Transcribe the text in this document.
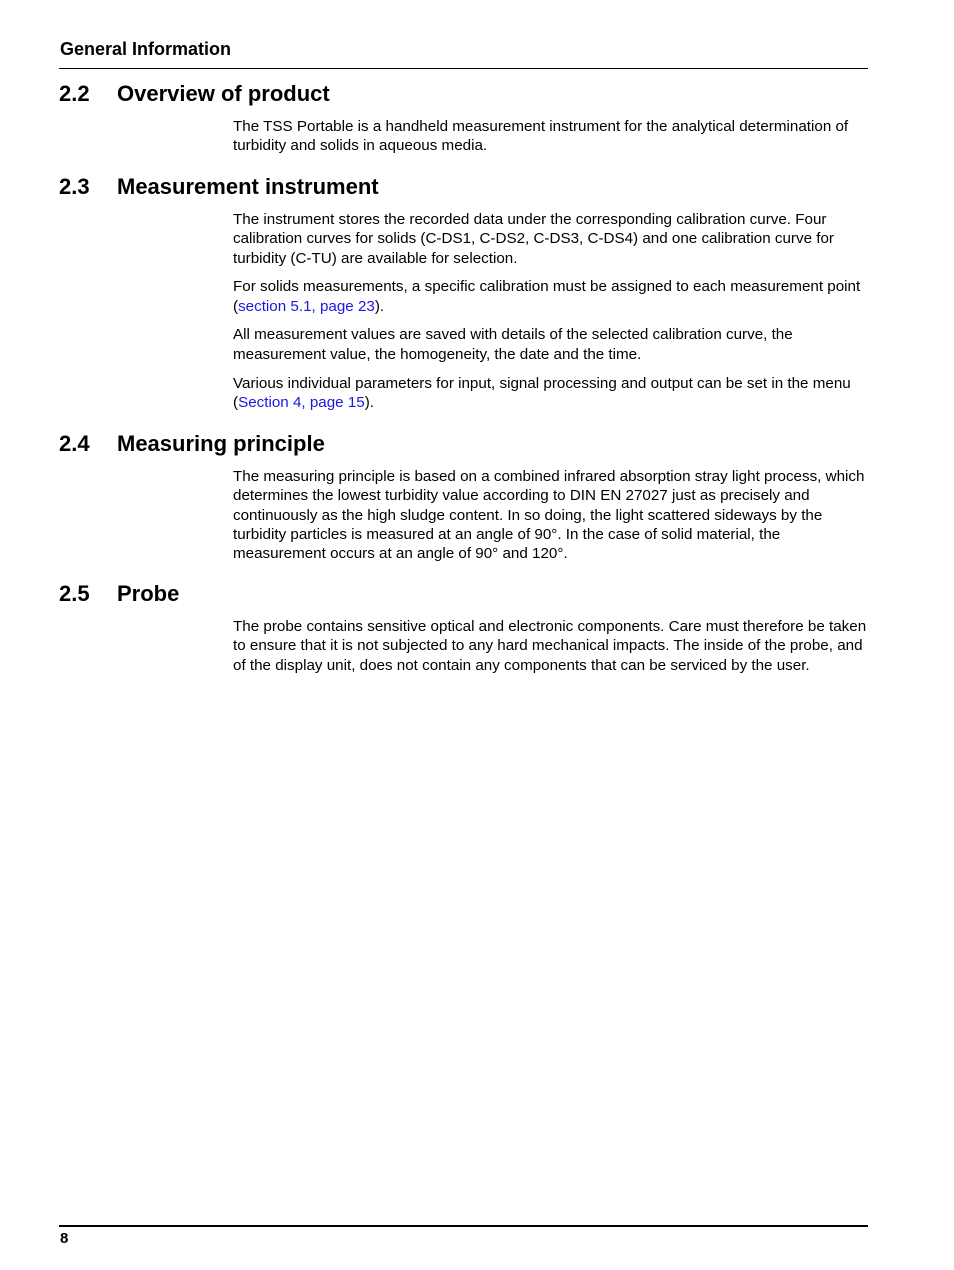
General Information
2.2 Overview of product

The TSS Portable is a handheld measurement instrument for the analytical determination of turbidity and solids in aqueous media.

2.3 Measurement instrument

The instrument stores the recorded data under the corresponding calibration curve. Four calibration curves for solids (C-DS1, C-DS2, C-DS3, C-DS4) and one calibration curve for turbidity (C-TU) are available for selection.

For solids measurements, a specific calibration must be assigned to each measurement point (section 5.1, page 23).

All measurement values are saved with details of the selected calibration curve, the measurement value, the homogeneity, the date and the time.

Various individual parameters for input, signal processing and output can be set in the menu (Section 4, page 15).

2.4 Measuring principle

The measuring principle is based on a combined infrared absorption stray light process, which determines the lowest turbidity value according to DIN EN 27027 just as precisely and continuously as the high sludge content. In so doing, the light scattered sideways by the turbidity particles is measured at an angle of 90°. In the case of solid material, the measurement occurs at an angle of 90° and 120°.

2.5 Probe

The probe contains sensitive optical and electronic components. Care must therefore be taken to ensure that it is not subjected to any hard mechanical impacts. The inside of the probe, and of the display unit, does not contain any components that can be serviced by the user.

8
